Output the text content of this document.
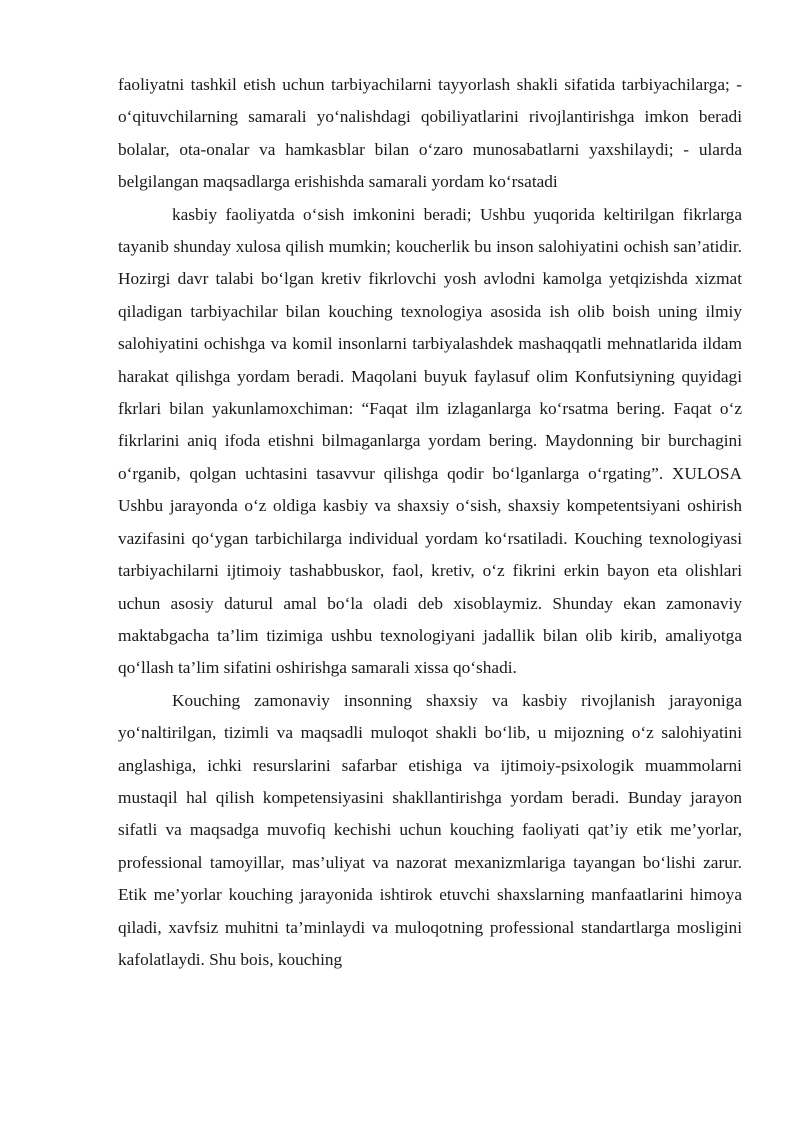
faoliyatni tashkil etish uchun tarbiyachilarni tayyorlash shakli sifatida tarbiyachilarga; - o‘qituvchilarning samarali yo‘nalishdagi qobiliyatlarini rivojlantirishga imkon beradi bolalar, ota-onalar va hamkasblar bilan o‘zaro munosabatlarni yaxshilaydi; - ularda belgilangan maqsadlarga erishishda samarali yordam ko‘rsatadi

kasbiy faoliyatda o‘sish imkonini beradi; Ushbu yuqorida keltirilgan fikrlarga tayanib shunday xulosa qilish mumkin; koucherlik bu inson salohiyatini ochish san’atidir. Hozirgi davr talabi bo‘lgan kretiv fikrlovchi yosh avlodni kamolga yetqizishda xizmat qiladigan tarbiyachilar bilan kouching texnologiya asosida ish olib boish uning ilmiy salohiyatini ochishga va komil insonlarni tarbiyalashdek mashaqqatli mehnatlarida ildam harakat qilishga yordam beradi. Maqolani buyuk faylasuf olim Konfutsiyning quyidagi fkrlari bilan yakunlamoxchiman: “Faqat ilm izlaganlarga ko‘rsatma bering. Faqat o‘z fikrlarini aniq ifoda etishni bilmaganlarga yordam bering. Maydonning bir burchagini o‘rganib, qolgan uchtasini tasavvur qilishga qodir bo‘lganlarga o‘rgating”. XULOSA Ushbu jarayonda o‘z oldiga kasbiy va shaxsiy o‘sish, shaxsiy kompetentsiyani oshirish vazifasini qo‘ygan tarbichilarga individual yordam ko‘rsatiladi. Kouching texnologiyasi tarbiyachilarni ijtimoiy tashabbuskor, faol, kretiv, o‘z fikrini erkin bayon eta olishlari uchun asosiy daturul amal bo‘la oladi deb xisoblaymiz. Shunday ekan zamonaviy maktabgacha ta’lim tizimiga ushbu texnologiyani jadallik bilan olib kirib, amaliyotga qo‘llash ta’lim sifatini oshirishga samarali xissa qo‘shadi.

Kouching zamonaviy insonning shaxsiy va kasbiy rivojlanish jarayoniga yo‘naltirilgan, tizimli va maqsadli muloqot shakli bo‘lib, u mijozning o‘z salohiyatini anglashiga, ichki resurslarini safarbar etishiga va ijtimoiy-psixologik muammolarni mustaqil hal qilish kompetensiyasini shakllantirishga yordam beradi. Bunday jarayon sifatli va maqsadga muvofiq kechishi uchun kouching faoliyati qat’iy etik me’yorlar, professional tamoyillar, mas’uliyat va nazorat mexanizmlariga tayangan bo‘lishi zarur. Etik me’yorlar kouching jarayonida ishtirok etuvchi shaxslarning manfaatlarini himoya qiladi, xavfsiz muhitni ta’minlaydi va muloqotning professional standartlarga mosligini kafolatlaydi. Shu bois, kouching
